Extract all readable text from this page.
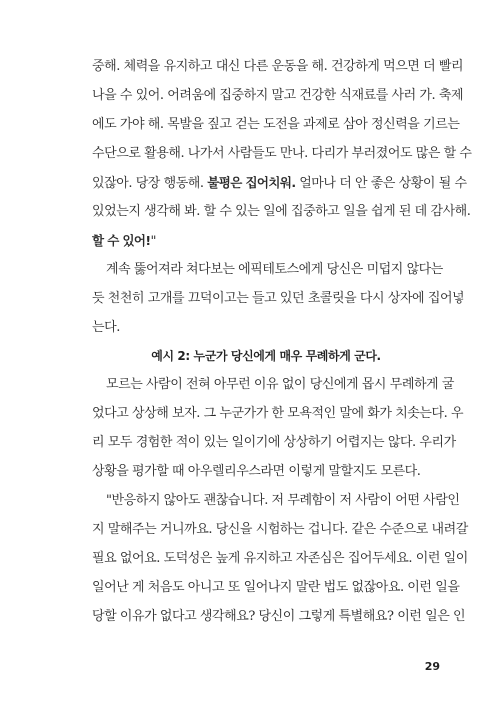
중해. 체력을 유지하고 대신 다른 운동을 해. 건강하게 먹으면 더 빨리
나을 수 있어. 어려움에 집중하지 말고 건강한 식재료를 사러 가. 축제
에도 가야 해. 목발을 짚고 걷는 도전을 과제로 삼아 정신력을 기르는
수단으로 활용해. 나가서 사람들도 만나. 다리가 부러졌어도 많은 할 수
있잖아. 당장 행동해. 불평은 집어치워. 얼마나 더 안 좋은 상황이 될 수
있었는지 생각해 봐. 할 수 있는 일에 집중하고 일을 쉽게 된 데 감사해.
할 수 있어!"
계속 뚫어져라 쳐다보는 에픽테토스에게 당신은 미덥지 않다는
듯 천천히 고개를 끄덕이고는 들고 있던 초콜릿을 다시 상자에 집어넣
는다.
예시 2: 누군가 당신에게 매우 무례하게 군다.
모르는 사람이 전혀 아무런 이유 없이 당신에게 몹시 무례하게 굴
었다고 상상해 보자. 그 누군가가 한 모욕적인 말에 화가 치솟는다. 우
리 모두 경험한 적이 있는 일이기에 상상하기 어렵지는 않다. 우리가
상황을 평가할 때 아우렐리우스라면 이렇게 말할지도 모른다.
"반응하지 않아도 괜찮습니다. 저 무례함이 저 사람이 어떤 사람인
지 말해주는 거니까요. 당신을 시험하는 겁니다. 같은 수준으로 내려갈
필요 없어요. 도덕성은 높게 유지하고 자존심은 집어두세요. 이런 일이
일어난 게 처음도 아니고 또 일어나지 말란 법도 없잖아요. 이런 일을
당할 이유가 없다고 생각해요? 당신이 그렇게 특별해요? 이런 일은 인
29
